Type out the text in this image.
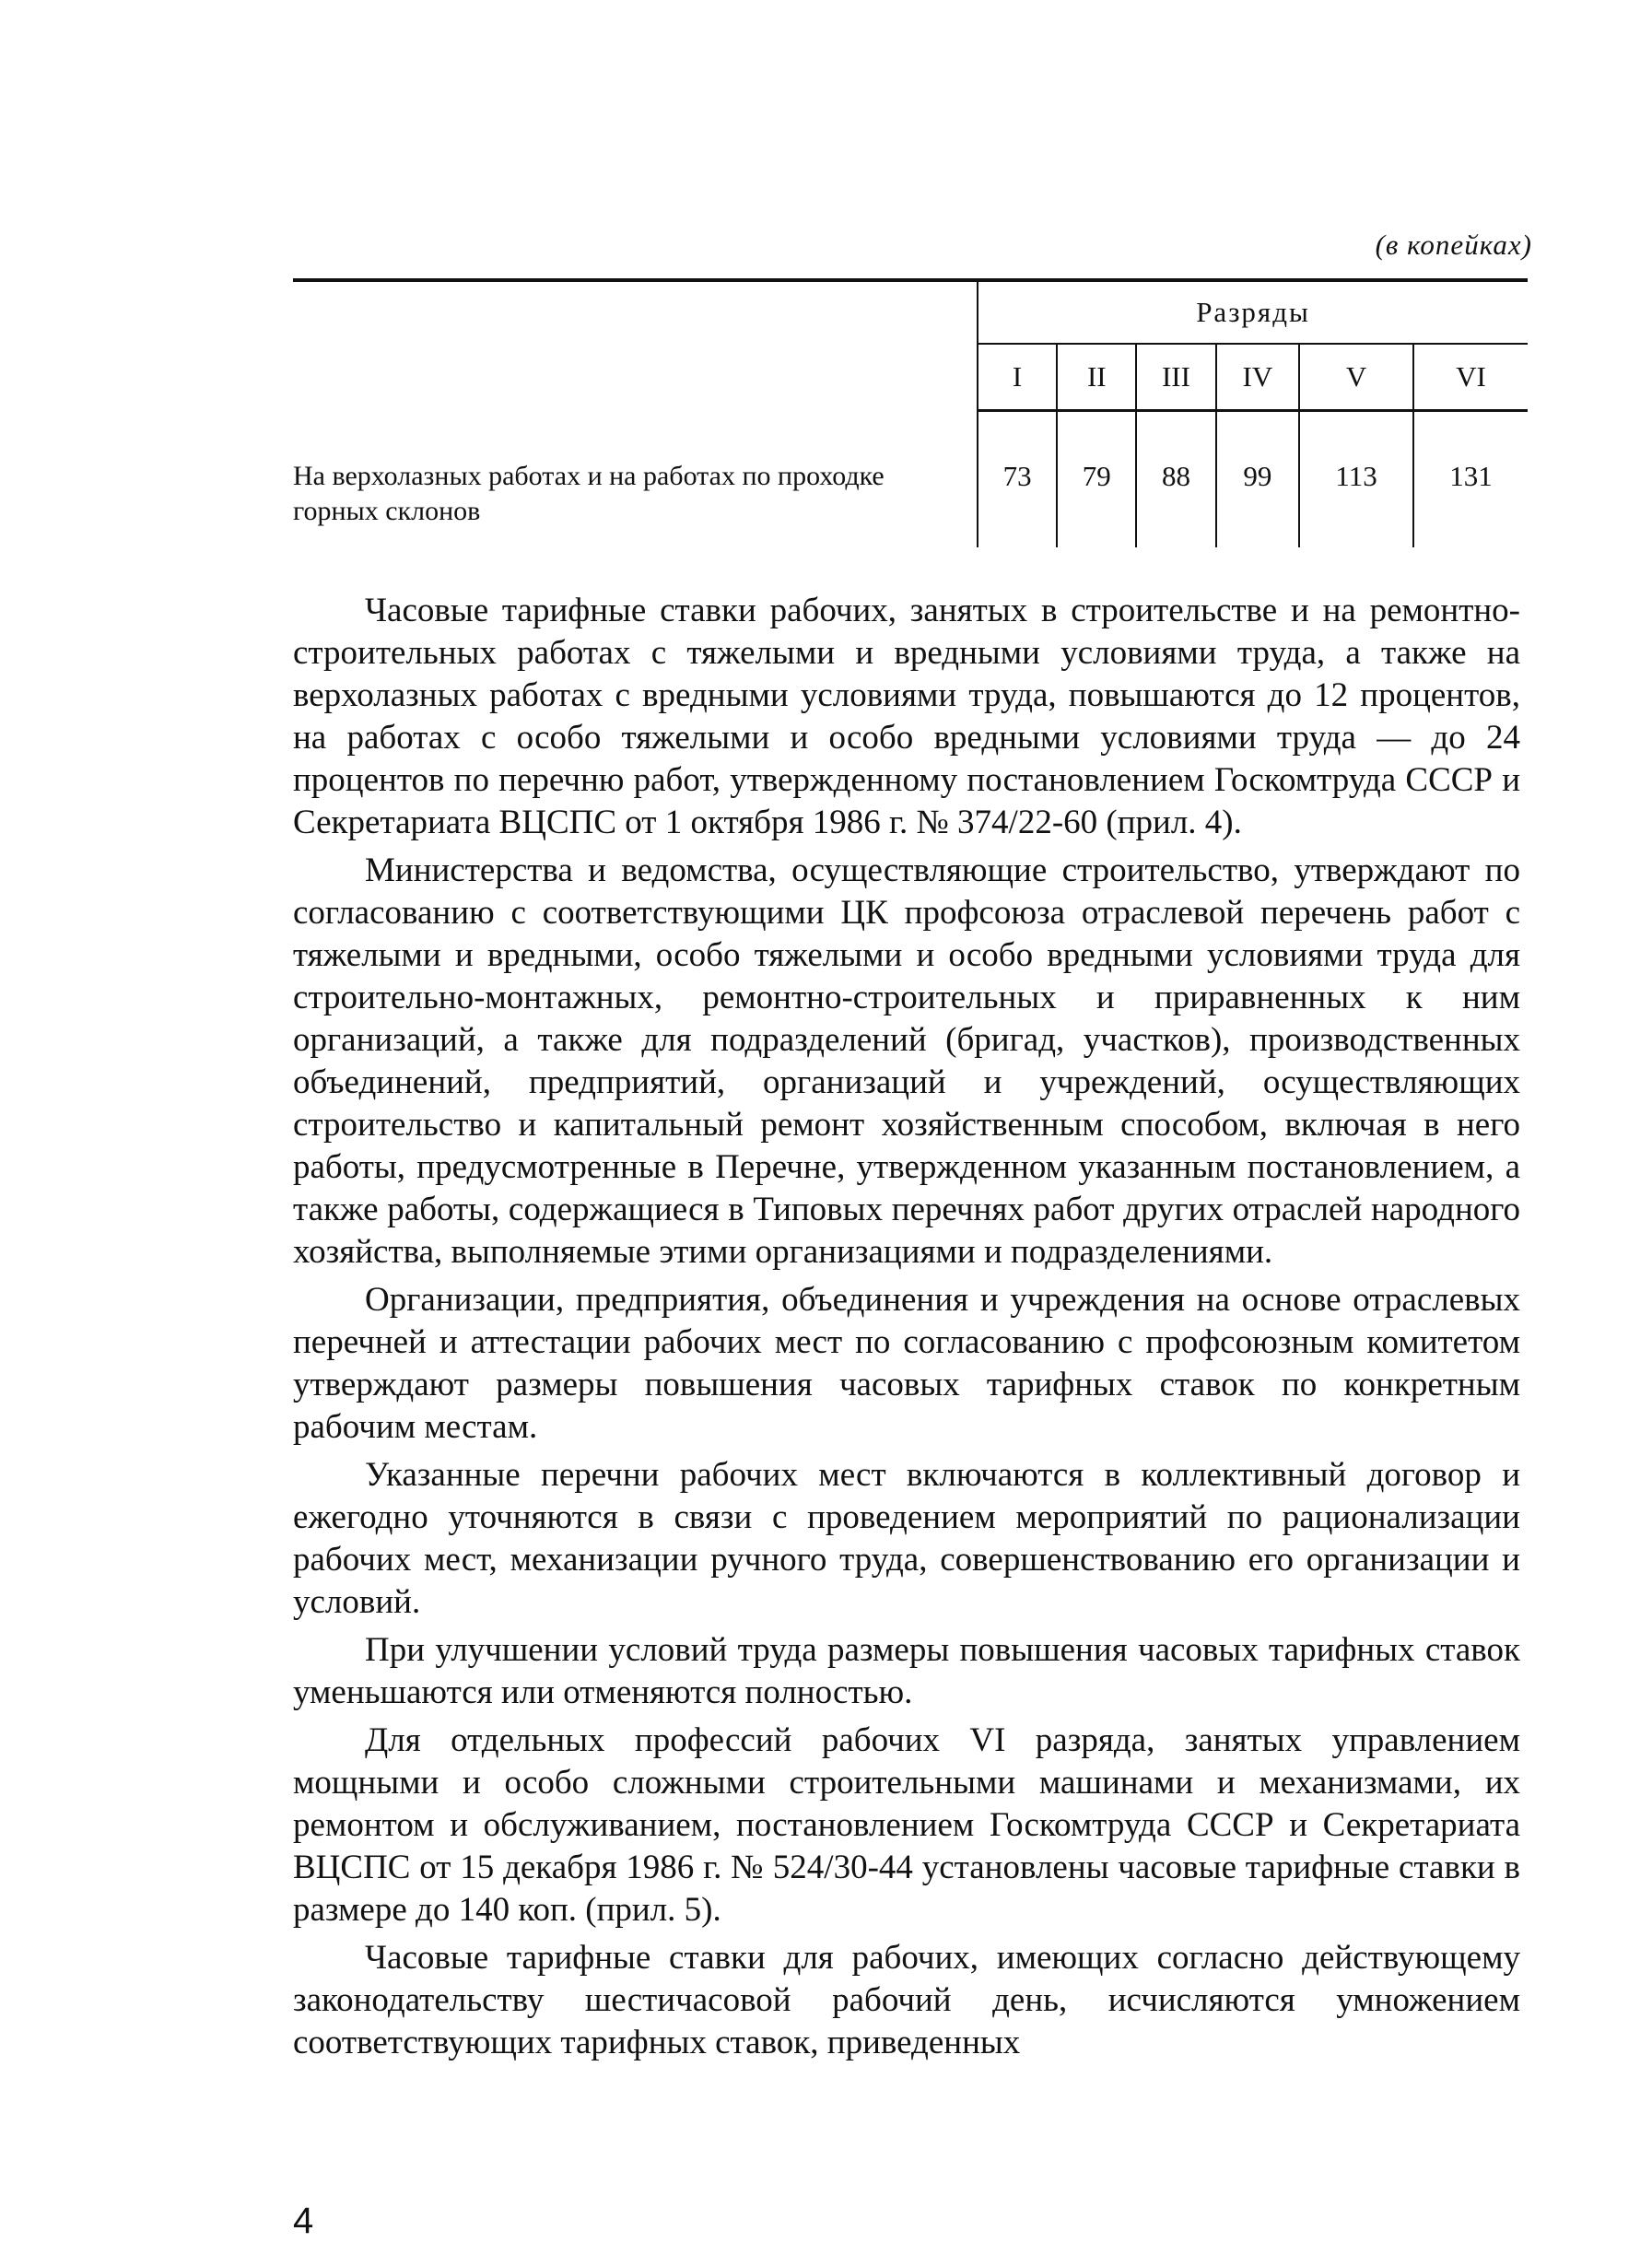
(в копейках)
	Разряды					
	I	II	III	IV	V	VI
На верхолазных работах и на работах по проходке горных склонов	73	79	88	99	113	131

Часовые тарифные ставки рабочих, занятых в строительстве и на ремонтно-строительных работах с тяжелыми и вредными условиями труда, а также на верхолазных работах с вредными условиями труда, повышаются до 12 процентов, на работах с особо тяжелыми и особо вредными условиями труда — до 24 процентов по перечню работ, утвержденному постановлением Госкомтруда СССР и Секретариата ВЦСПС от 1 октября 1986 г. № 374/22-60 (прил. 4).

Министерства и ведомства, осуществляющие строительство, утверждают по согласованию с соответствующими ЦК профсоюза отраслевой перечень работ с тяжелыми и вредными, особо тяжелыми и особо вредными условиями труда для строительно-монтажных, ремонтно-строительных и приравненных к ним организаций, а также для подразделений (бригад, участков), производственных объединений, предприятий, организаций и учреждений, осуществляющих строительство и капитальный ремонт хозяйственным способом, включая в него работы, предусмотренные в Перечне, утвержденном указанным постановлением, а также работы, содержащиеся в Типовых перечнях работ других отраслей народного хозяйства, выполняемые этими организациями и подразделениями.

Организации, предприятия, объединения и учреждения на основе отраслевых перечней и аттестации рабочих мест по согласованию с профсоюзным комитетом утверждают размеры повышения часовых тарифных ставок по конкретным рабочим местам.

Указанные перечни рабочих мест включаются в коллективный договор и ежегодно уточняются в связи с проведением мероприятий по рационализации рабочих мест, механизации ручного труда, совершенствованию его организации и условий.

При улучшении условий труда размеры повышения часовых тарифных ставок уменьшаются или отменяются полностью.

Для отдельных профессий рабочих VI разряда, занятых управлением мощными и особо сложными строительными машинами и механизмами, их ремонтом и обслуживанием, постановлением Госкомтруда СССР и Секретариата ВЦСПС от 15 декабря 1986 г. № 524/30-44 установлены часовые тарифные ставки в размере до 140 коп. (прил. 5).

Часовые тарифные ставки для рабочих, имеющих согласно действующему законодательству шестичасовой рабочий день, исчисляются умножением соответствующих тарифных ставок, приведенных

4
